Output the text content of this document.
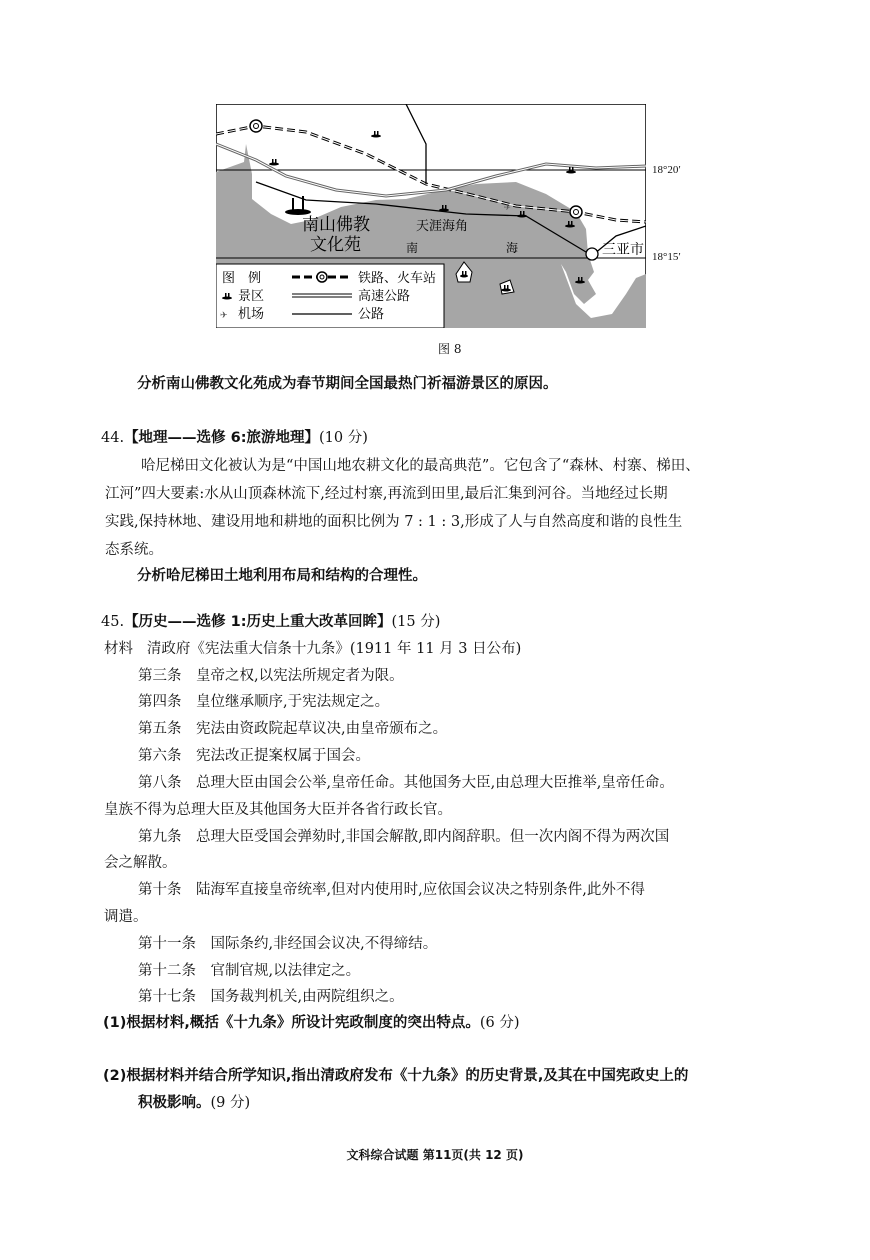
✈
南山佛教
文化苑
天涯海角
南	海	三亚市
图　例
景区
✈ 机场
铁路、火车站
高速公路
公路
18°20′
18°15′
图 8
分析南山佛教文化苑成为春节期间全国最热门祈福游景区的原因。
44.【地理——选修 6:旅游地理】(10 分)
哈尼梯田文化被认为是“中国山地农耕文化的最高典范”。它包含了“森林、村寨、梯田、
江河”四大要素:水从山顶森林流下,经过村寨,再流到田里,最后汇集到河谷。当地经过长期
实践,保持林地、建设用地和耕地的面积比例为 7 : 1 : 3,形成了人与自然高度和谐的良性生
态系统。
分析哈尼梯田土地利用布局和结构的合理性。
45.【历史——选修 1:历史上重大改革回眸】(15 分)
材料 清政府《宪法重大信条十九条》(1911 年 11 月 3 日公布)
第三条　皇帝之权,以宪法所规定者为限。
第四条　皇位继承顺序,于宪法规定之。
第五条　宪法由资政院起草议决,由皇帝颁布之。
第六条　宪法改正提案权属于国会。
第八条　总理大臣由国会公举,皇帝任命。其他国务大臣,由总理大臣推举,皇帝任命。
皇族不得为总理大臣及其他国务大臣并各省行政长官。
第九条　总理大臣受国会弹劾时,非国会解散,即内阁辞职。但一次内阁不得为两次国
会之解散。
第十条　陆海军直接皇帝统率,但对内使用时,应依国会议决之特别条件,此外不得
调遣。
第十一条　国际条约,非经国会议决,不得缔结。
第十二条　官制官规,以法律定之。
第十七条　国务裁判机关,由两院组织之。
(1)根据材料,概括《十九条》所设计宪政制度的突出特点。(6 分)
(2)根据材料并结合所学知识,指出清政府发布《十九条》的历史背景,及其在中国宪政史上的
积极影响。(9 分)
文科综合试题 第11页(共 12 页)
